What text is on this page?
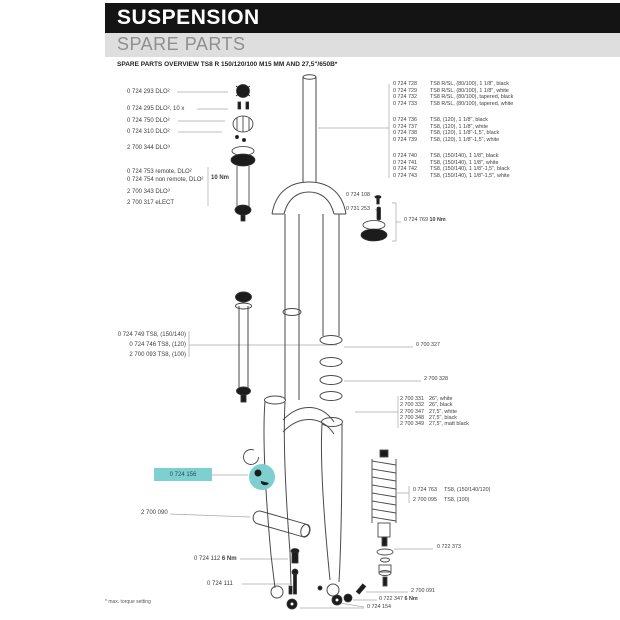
SUSPENSION
SPARE PARTS
SPARE PARTS OVERVIEW TS8 R 150/120/100 M15 MM AND 27,5"/650B*
0 724 293 DLO²
0 724 295 DLO², 10 x
0 724 750 DLO²
0 724 310 DLO²
2 700 344 DLO³
0 724 753 remote, DLO²
0 724 754 non remote, DLO²
2 700 343 DLO³
2 700 317 eLECT
10 Nm
0 724 728 TS8 R/SL, (80/100), 1 1/8", black
0 724 729 TS8 R/SL, (80/100), 1 1/8", white
0 724 732 TS8 R/SL, (80/100), tapered, black
0 724 733 TS8 R/SL, (80/100), tapered, white
0 724 736 TS8, (120), 1 1/8", black
0 724 737 TS8, (120), 1 1/8", white
0 724 738 TS8, (120), 1 1/8"-1,5", black
0 724 739 TS8, (120), 1 1/8"-1,5", white
0 724 740 TS8, (150/140), 1 1/8", black
0 724 741 TS8, (150/140), 1 1/8", white
0 724 742 TS8, (150/140), 1 1/8"-1,5", black
0 724 743 TS8, (150/140), 1 1/8"-1,5", white
0 724 108
0 731 253
0 724 769 10 Nm
0 724 749 TS8, (150/140)
0 724 746 TS8, (120)
2 700 093 TS8, (100)
0 700 327
2 700 328
2 700 331 26", white
2 700 332 26", black
2 700 347 27,5", white
2 700 348 27,5", black
2 700 349 27,5", matt black
0 724 156
2 700 090
0 724 112 6 Nm
0 724 111
0 724 763 TS8, (150/140/120)
2 700 095 TS8, (100)
0 722 373
2 700 091
0 722 347 6 Nm
0 724 154
* max. torque setting
